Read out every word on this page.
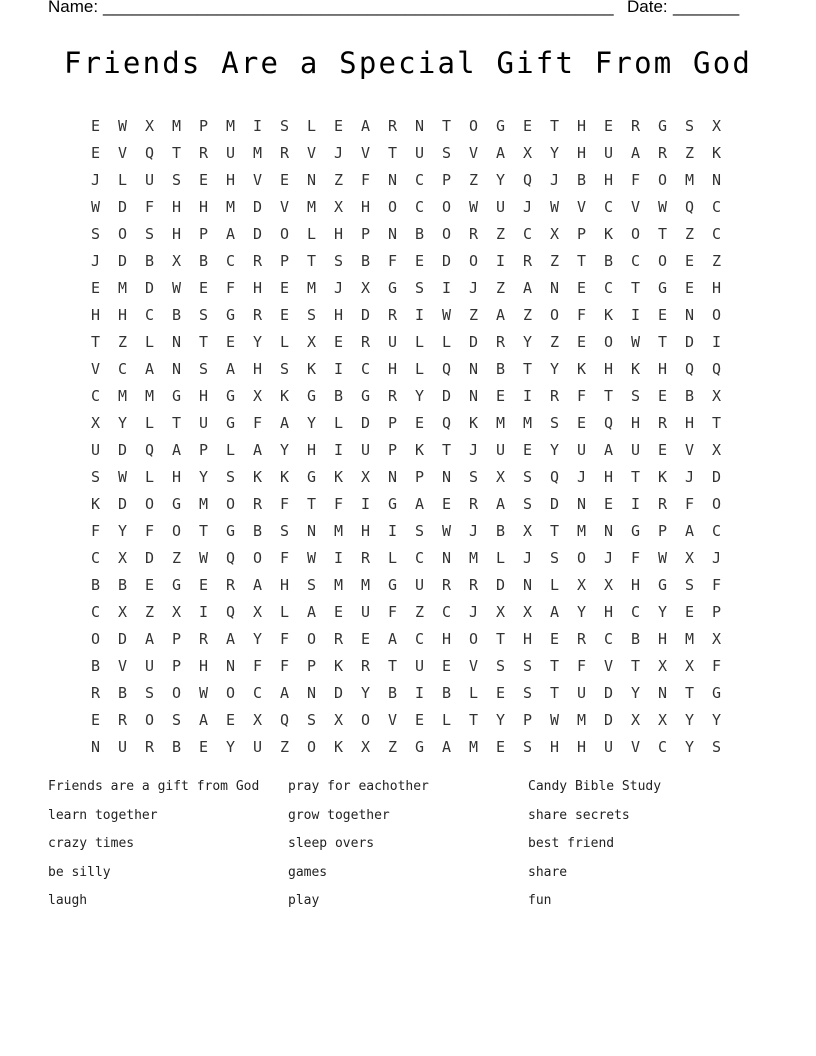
Name: ______________________________________________________ Date: _______
Friends Are a Special Gift From God
E	W	X	M	P	M	I	S	L	E	A	R	N	T	O	G	E	T	H	E	R	G	S	X
E	V	Q	T	R	U	M	R	V	J	V	T	U	S	V	A	X	Y	H	U	A	R	Z	K
J	L	U	S	E	H	V	E	N	Z	F	N	C	P	Z	Y	Q	J	B	H	F	O	M	N
W	D	F	H	H	M	D	V	M	X	H	O	C	O	W	U	J	W	V	C	V	W	Q	C
S	O	S	H	P	A	D	O	L	H	P	N	B	O	R	Z	C	X	P	K	O	T	Z	C
J	D	B	X	B	C	R	P	T	S	B	F	E	D	O	I	R	Z	T	B	C	O	E	Z
E	M	D	W	E	F	H	E	M	J	X	G	S	I	J	Z	A	N	E	C	T	G	E	H
H	H	C	B	S	G	R	E	S	H	D	R	I	W	Z	A	Z	O	F	K	I	E	N	O
T	Z	L	N	T	E	Y	L	X	E	R	U	L	L	D	R	Y	Z	E	O	W	T	D	I
V	C	A	N	S	A	H	S	K	I	C	H	L	Q	N	B	T	Y	K	H	K	H	Q	Q
C	M	M	G	H	G	X	K	G	B	G	R	Y	D	N	E	I	R	F	T	S	E	B	X
X	Y	L	T	U	G	F	A	Y	L	D	P	E	Q	K	M	M	S	E	Q	H	R	H	T
U	D	Q	A	P	L	A	Y	H	I	U	P	K	T	J	U	E	Y	U	A	U	E	V	X
S	W	L	H	Y	S	K	K	G	K	X	N	P	N	S	X	S	Q	J	H	T	K	J	D
K	D	O	G	M	O	R	F	T	F	I	G	A	E	R	A	S	D	N	E	I	R	F	O
F	Y	F	O	T	G	B	S	N	M	H	I	S	W	J	B	X	T	M	N	G	P	A	C
C	X	D	Z	W	Q	O	F	W	I	R	L	C	N	M	L	J	S	O	J	F	W	X	J
B	B	E	G	E	R	A	H	S	M	M	G	U	R	R	D	N	L	X	X	H	G	S	F
C	X	Z	X	I	Q	X	L	A	E	U	F	Z	C	J	X	X	A	Y	H	C	Y	E	P
O	D	A	P	R	A	Y	F	O	R	E	A	C	H	O	T	H	E	R	C	B	H	M	X
B	V	U	P	H	N	F	F	P	K	R	T	U	E	V	S	S	T	F	V	T	X	X	F
R	B	S	O	W	O	C	A	N	D	Y	B	I	B	L	E	S	T	U	D	Y	N	T	G
E	R	O	S	A	E	X	Q	S	X	O	V	E	L	T	Y	P	W	M	D	X	X	Y	Y
N	U	R	B	E	Y	U	Z	O	K	X	Z	G	A	M	E	S	H	H	U	V	C	Y	S
Friends are a gift from God
learn together
crazy times
be silly
laugh
pray for eachother
grow together
sleep overs
games
play
Candy Bible Study
share secrets
best friend
share
fun
